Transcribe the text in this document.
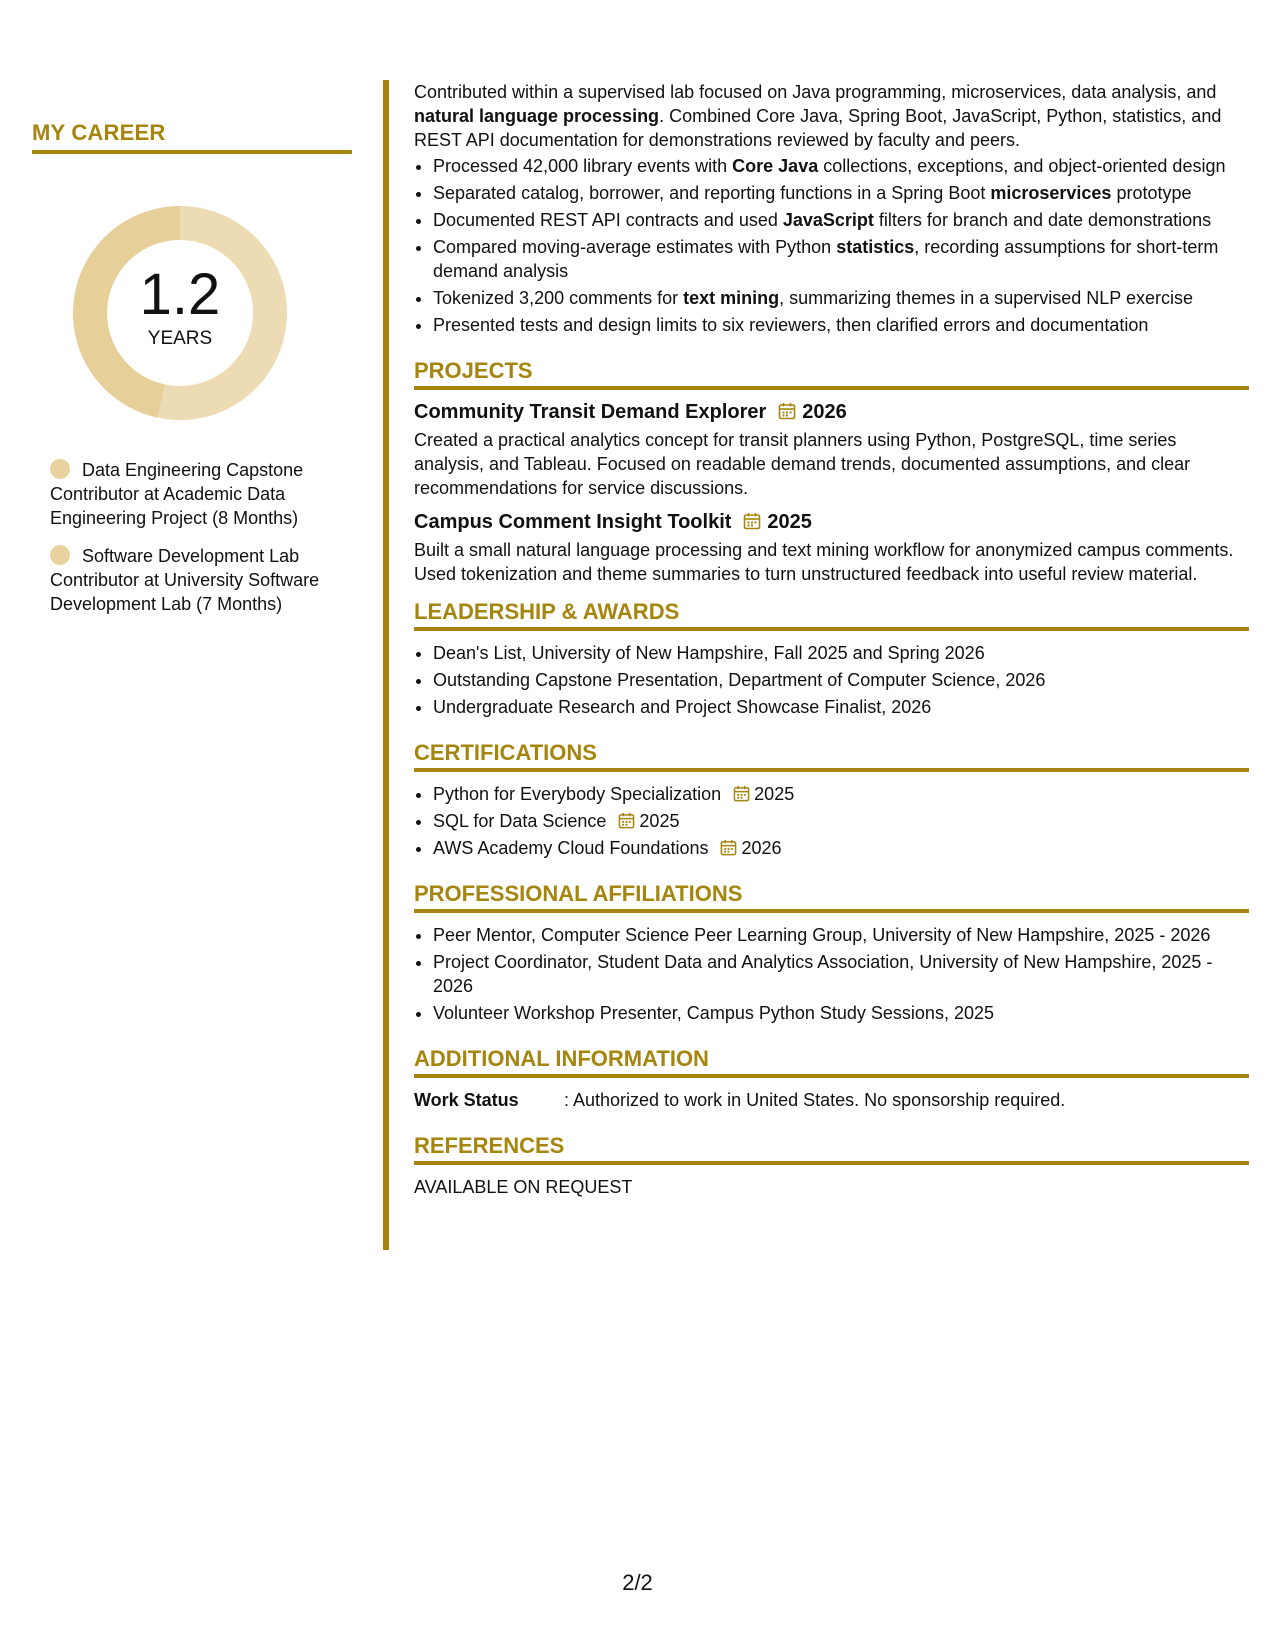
MY CAREER
1.2
YEARS
Data Engineering Capstone Contributor at Academic Data Engineering Project (8 Months)
Software Development Lab Contributor at University Software Development Lab (7 Months)

Contributed within a supervised lab focused on Java programming, microservices, data analysis, and natural language processing. Combined Core Java, Spring Boot, JavaScript, Python, statistics, and REST API documentation for demonstrations reviewed by faculty and peers.

• Processed 42,000 library events with Core Java collections, exceptions, and object-oriented design
• Separated catalog, borrower, and reporting functions in a Spring Boot microservices prototype
• Documented REST API contracts and used JavaScript filters for branch and date demonstrations
• Compared moving-average estimates with Python statistics, recording assumptions for short-term demand analysis
• Tokenized 3,200 comments for text mining, summarizing themes in a supervised NLP exercise
• Presented tests and design limits to six reviewers, then clarified errors and documentation
PROJECTS
Community Transit Demand Explorer 2026

Created a practical analytics concept for transit planners using Python, PostgreSQL, time series analysis, and Tableau. Focused on readable demand trends, documented assumptions, and clear recommendations for service discussions.

Campus Comment Insight Toolkit 2025

Built a small natural language processing and text mining workflow for anonymized campus comments. Used tokenization and theme summaries to turn unstructured feedback into useful review material.

LEADERSHIP & AWARDS
• Dean's List, University of New Hampshire, Fall 2025 and Spring 2026
• Outstanding Capstone Presentation, Department of Computer Science, 2026
• Undergraduate Research and Project Showcase Finalist, 2026
CERTIFICATIONS
• Python for Everybody Specialization 2025
• SQL for Data Science 2025
• AWS Academy Cloud Foundations 2026
PROFESSIONAL AFFILIATIONS
• Peer Mentor, Computer Science Peer Learning Group, University of New Hampshire, 2025 - 2026
• Project Coordinator, Student Data and Analytics Association, University of New Hampshire, 2025 - 2026
• Volunteer Workshop Presenter, Campus Python Study Sessions, 2025
ADDITIONAL INFORMATION
Work Status	: Authorized to work in United States. No sponsorship required.
REFERENCES
AVAILABLE ON REQUEST
2/2
